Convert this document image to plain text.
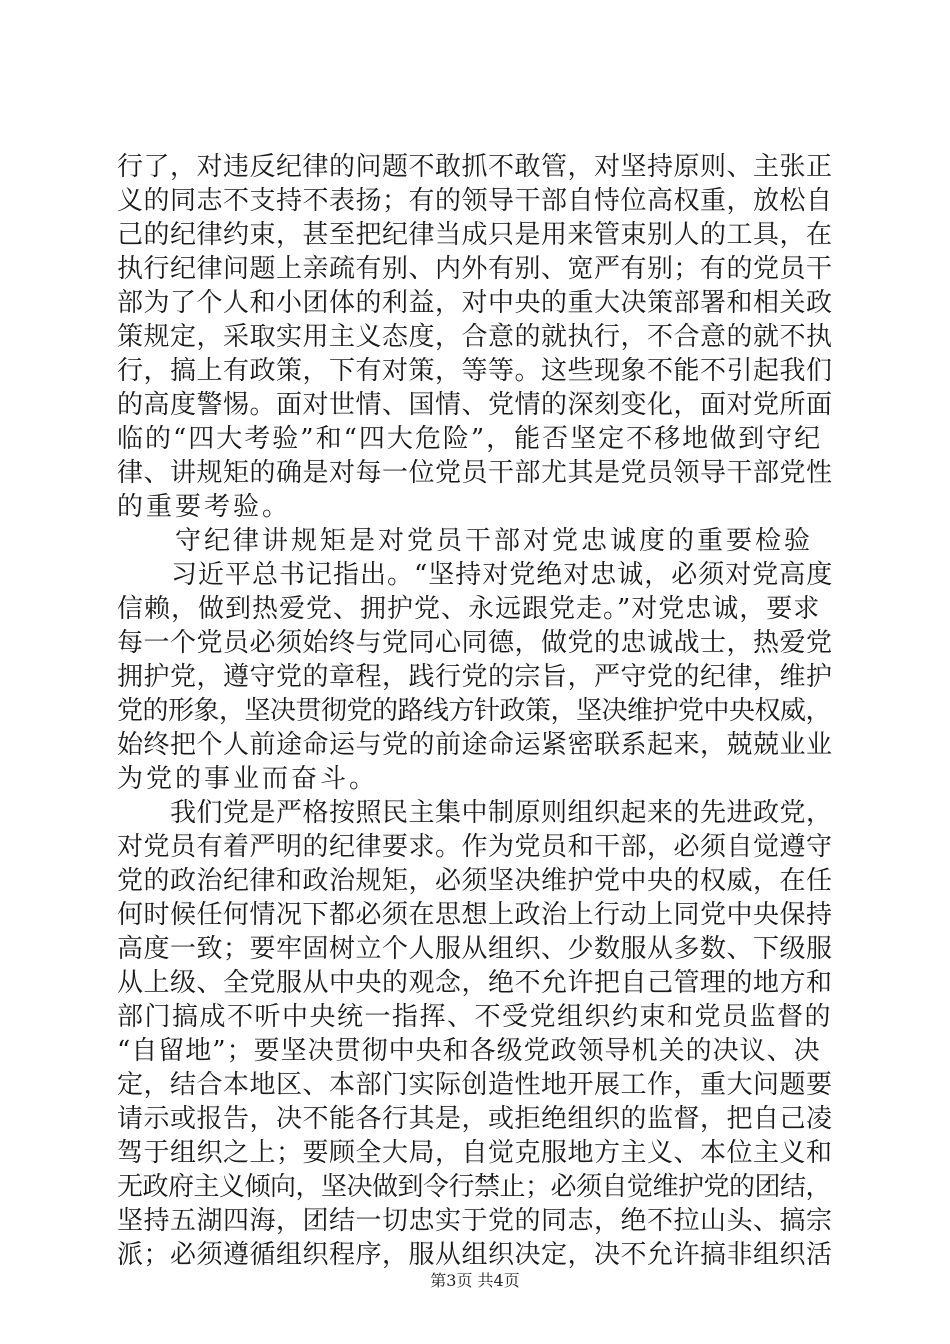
行了，对违反纪律的问题不敢抓不敢管，对坚持原则、主张正
义的同志不支持不表扬；有的领导干部自恃位高权重，放松自
己的纪律约束，甚至把纪律当成只是用来管束别人的工具，在
执行纪律问题上亲疏有别、内外有别、宽严有别；有的党员干
部为了个人和小团体的利益，对中央的重大决策部署和相关政
策规定，采取实用主义态度，合意的就执行，不合意的就不执
行，搞上有政策，下有对策，等等。这些现象不能不引起我们
的高度警惕。面对世情、国情、党情的深刻变化，面对党所面
临的“四大考验”和“四大危险”，能否坚定不移地做到守纪
律、讲规矩的确是对每一位党员干部尤其是党员领导干部党性
的重要考验。
　　守纪律讲规矩是对党员干部对党忠诚度的重要检验
　　习近平总书记指出。“坚持对党绝对忠诚，必须对党高度
信赖，做到热爱党、拥护党、永远跟党走。”对党忠诚，要求
每一个党员必须始终与党同心同德，做党的忠诚战士，热爱党
拥护党，遵守党的章程，践行党的宗旨，严守党的纪律，维护
党的形象，坚决贯彻党的路线方针政策，坚决维护党中央权威，
始终把个人前途命运与党的前途命运紧密联系起来，兢兢业业
为党的事业而奋斗。
　　我们党是严格按照民主集中制原则组织起来的先进政党，
对党员有着严明的纪律要求。作为党员和干部，必须自觉遵守
党的政治纪律和政治规矩，必须坚决维护党中央的权威，在任
何时候任何情况下都必须在思想上政治上行动上同党中央保持
高度一致；要牢固树立个人服从组织、少数服从多数、下级服
从上级、全党服从中央的观念，绝不允许把自己管理的地方和
部门搞成不听中央统一指挥、不受党组织约束和党员监督的
“自留地”；要坚决贯彻中央和各级党政领导机关的决议、决
定，结合本地区、本部门实际创造性地开展工作，重大问题要
请示或报告，决不能各行其是，或拒绝组织的监督，把自己凌
驾于组织之上；要顾全大局，自觉克服地方主义、本位主义和
无政府主义倾向，坚决做到令行禁止；必须自觉维护党的团结，
坚持五湖四海，团结一切忠实于党的同志，绝不拉山头、搞宗
派；必须遵循组织程序，服从组织决定，决不允许搞非组织活
第3页 共4页
